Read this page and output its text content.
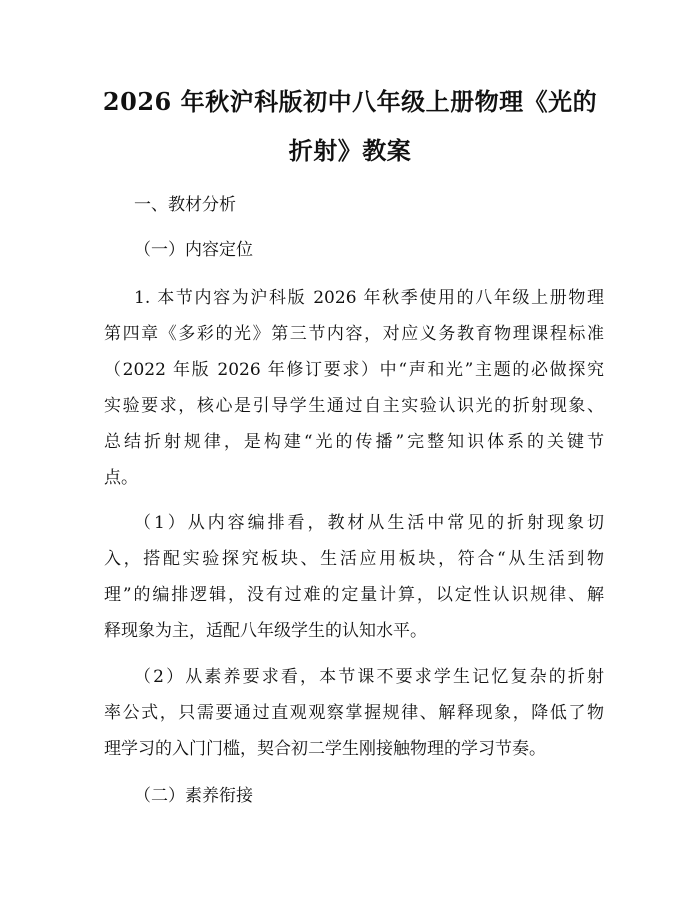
2026 年秋沪科版初中八年级上册物理《光的
折射》教案

一、教材分析

（一）内容定位

1. 本节内容为沪科版 2026 年秋季使用的八年级上册物理
第四章《多彩的光》第三节内容，对应义务教育物理课程标准
（2022 年版 2026 年修订要求）中“声和光”主题的必做探究
实验要求，核心是引导学生通过自主实验认识光的折射现象、
总结折射规律，是构建“光的传播”完整知识体系的关键节
点。
（1）从内容编排看，教材从生活中常见的折射现象切
入，搭配实验探究板块、生活应用板块，符合“从生活到物
理”的编排逻辑，没有过难的定量计算，以定性认识规律、解
释现象为主，适配八年级学生的认知水平。
（2）从素养要求看，本节课不要求学生记忆复杂的折射
率公式，只需要通过直观观察掌握规律、解释现象，降低了物
理学习的入门门槛，契合初二学生刚接触物理的学习节奏。

（二）素养衔接
